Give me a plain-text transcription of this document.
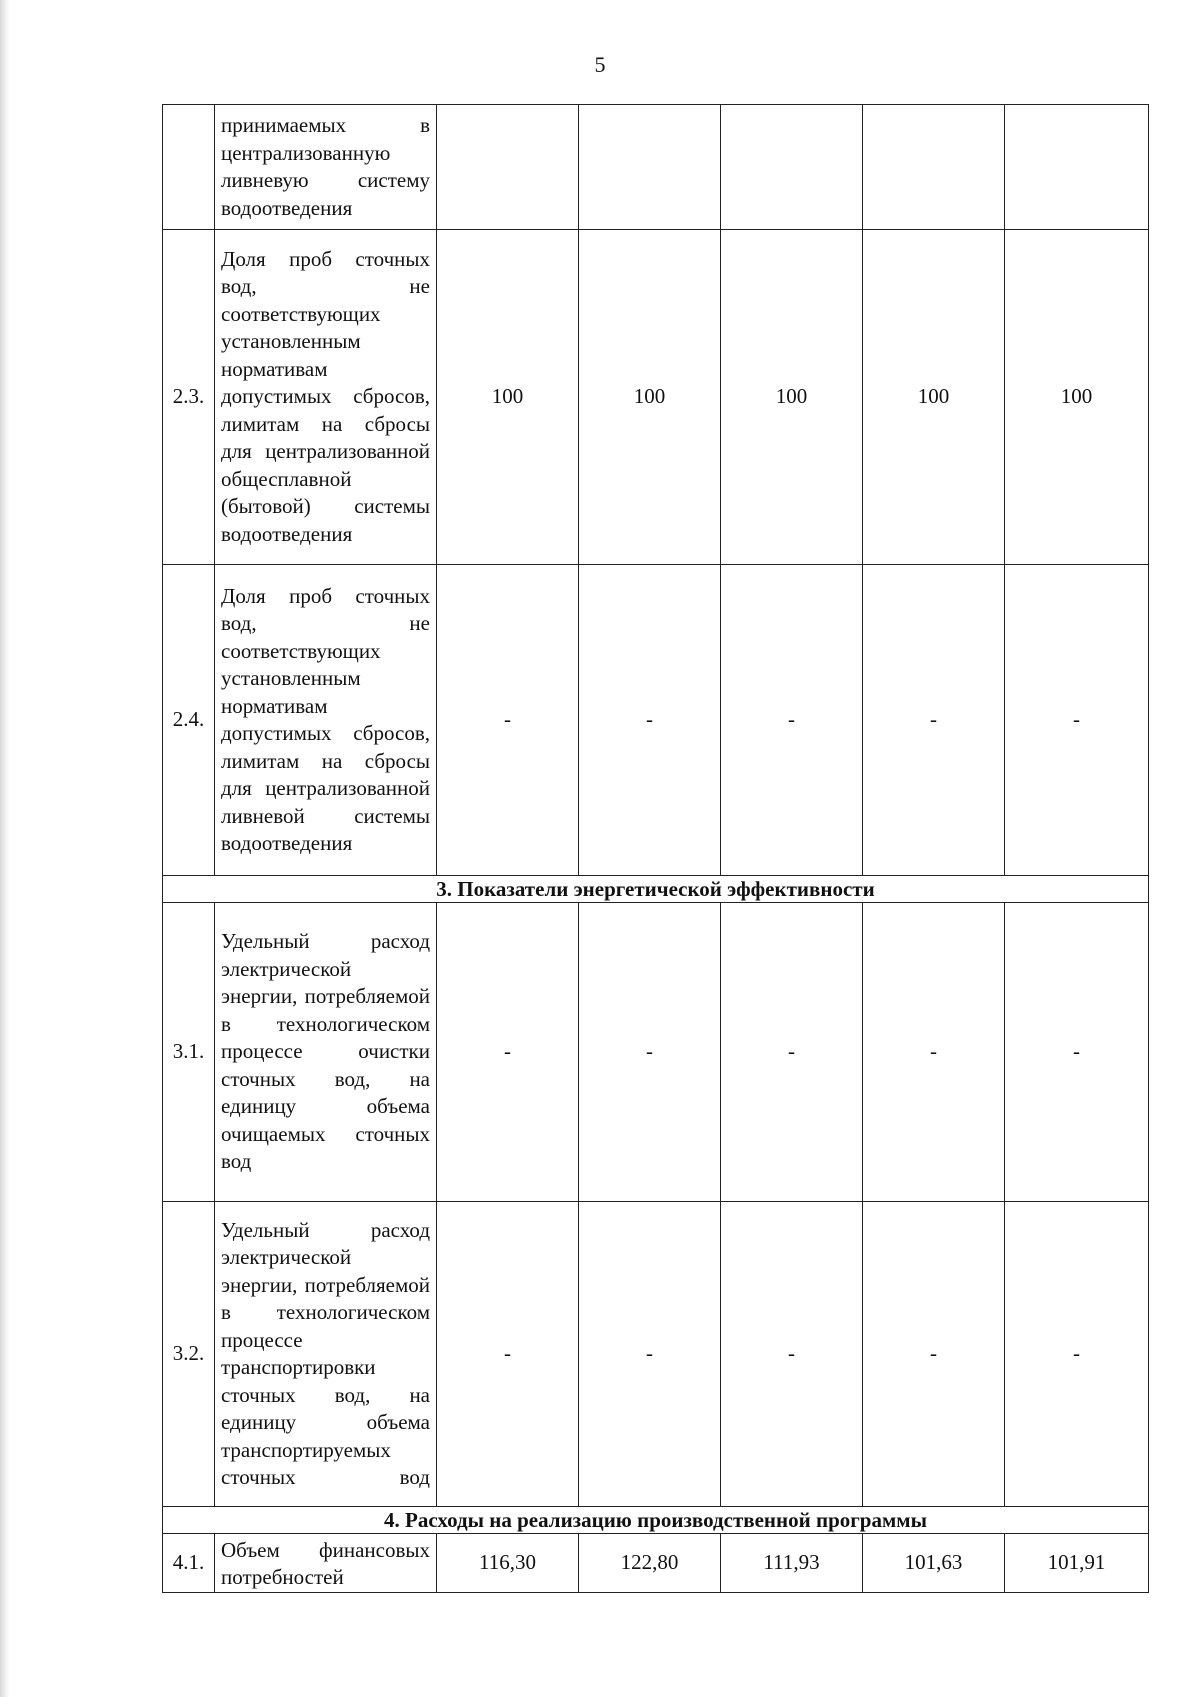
5
	принимаемых в централизованную ливневую систему водоотведения					
2.3.	Доля проб сточных вод, не соответствующих установленным нормативам допустимых сбросов, лимитам на сбросы для централизованной общесплавной (бытовой) системы водоотведения	100	100	100	100	100
2.4.	Доля проб сточных вод, не соответствующих установленным нормативам допустимых сбросов, лимитам на сбросы для централизованной ливневой системы водоотведения	-	-	-	-	-
3. Показатели энергетической эффективности						
3.1.	Удельный расход электрической энергии, потребляемой в технологическом процессе очистки сточных вод, на единицу объема очищаемых сточных вод	-	-	-	-	-
3.2.	Удельный расход электрической энергии, потребляемой в технологическом процессе транспортировки сточных вод, на единицу объема транспортируемых сточных вод	-	-	-	-	-
4. Расходы на реализацию производственной программы						
4.1.	Объем финансовых потребностей	116,30	122,80	111,93	101,63	101,91
